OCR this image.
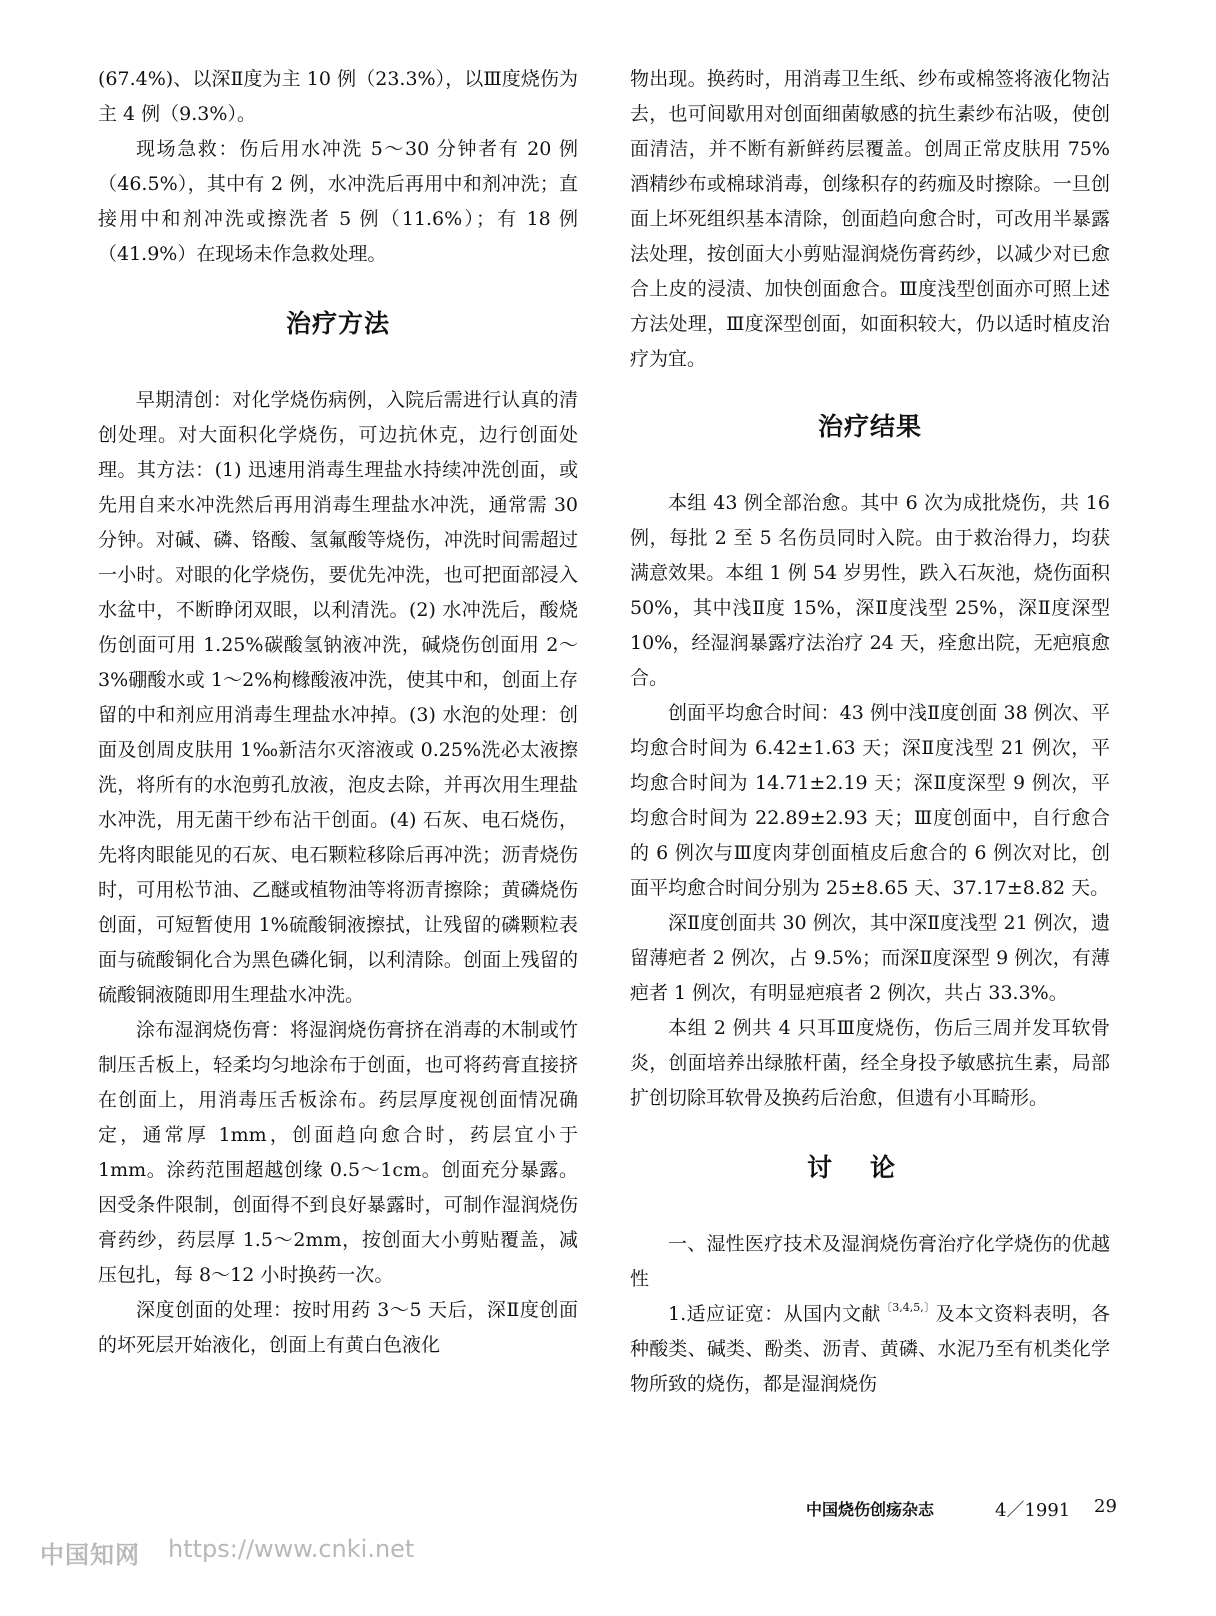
(67.4%)、以深Ⅱ度为主 10 例（23.3%），以Ⅲ度烧伤为主 4 例（9.3%）。

现场急救：伤后用水冲洗 5～30 分钟者有 20 例（46.5%），其中有 2 例，水冲洗后再用中和剂冲洗；直接用中和剂冲洗或擦洗者 5 例（11.6%）；有 18 例（41.9%）在现场未作急救处理。

治疗方法

早期清创：对化学烧伤病例，入院后需进行认真的清创处理。对大面积化学烧伤，可边抗休克，边行创面处理。其方法：(1) 迅速用消毒生理盐水持续冲洗创面，或先用自来水冲洗然后再用消毒生理盐水冲洗，通常需 30 分钟。对碱、磷、铬酸、氢氟酸等烧伤，冲洗时间需超过一小时。对眼的化学烧伤，要优先冲洗，也可把面部浸入水盆中，不断睁闭双眼，以利清洗。(2) 水冲洗后，酸烧伤创面可用 1.25%碳酸氢钠液冲洗，碱烧伤创面用 2～3%硼酸水或 1～2%枸橼酸液冲洗，使其中和，创面上存留的中和剂应用消毒生理盐水冲掉。(3) 水泡的处理：创面及创周皮肤用 1‰新洁尔灭溶液或 0.25%洗必太液擦洗，将所有的水泡剪孔放液，泡皮去除，并再次用生理盐水冲洗，用无菌干纱布沾干创面。(4) 石灰、电石烧伤，先将肉眼能见的石灰、电石颗粒移除后再冲洗；沥青烧伤时，可用松节油、乙醚或植物油等将沥青擦除；黄磷烧伤创面，可短暂使用 1%硫酸铜液擦拭，让残留的磷颗粒表面与硫酸铜化合为黑色磷化铜，以利清除。创面上残留的硫酸铜液随即用生理盐水冲洗。

涂布湿润烧伤膏：将湿润烧伤膏挤在消毒的木制或竹制压舌板上，轻柔均匀地涂布于创面，也可将药膏直接挤在创面上，用消毒压舌板涂布。药层厚度视创面情况确定，通常厚 1mm，创面趋向愈合时，药层宜小于 1mm。涂药范围超越创缘 0.5～1cm。创面充分暴露。因受条件限制，创面得不到良好暴露时，可制作湿润烧伤膏药纱，药层厚 1.5～2mm，按创面大小剪贴覆盖，减压包扎，每 8～12 小时换药一次。

深度创面的处理：按时用药 3～5 天后，深Ⅱ度创面的坏死层开始液化，创面上有黄白色液化

物出现。换药时，用消毒卫生纸、纱布或棉签将液化物沾去，也可间歇用对创面细菌敏感的抗生素纱布沾吸，使创面清洁，并不断有新鲜药层覆盖。创周正常皮肤用 75%酒精纱布或棉球消毒，创缘积存的药痂及时擦除。一旦创面上坏死组织基本清除，创面趋向愈合时，可改用半暴露法处理，按创面大小剪贴湿润烧伤膏药纱，以减少对已愈合上皮的浸渍、加快创面愈合。Ⅲ度浅型创面亦可照上述方法处理，Ⅲ度深型创面，如面积较大，仍以适时植皮治疗为宜。

治疗结果

本组 43 例全部治愈。其中 6 次为成批烧伤，共 16 例，每批 2 至 5 名伤员同时入院。由于救治得力，均获满意效果。本组 1 例 54 岁男性，跌入石灰池，烧伤面积 50%，其中浅Ⅱ度 15%，深Ⅱ度浅型 25%，深Ⅱ度深型 10%，经湿润暴露疗法治疗 24 天，痊愈出院，无疤痕愈合。

创面平均愈合时间：43 例中浅Ⅱ度创面 38 例次、平均愈合时间为 6.42±1.63 天；深Ⅱ度浅型 21 例次，平均愈合时间为 14.71±2.19 天；深Ⅱ度深型 9 例次，平均愈合时间为 22.89±2.93 天；Ⅲ度创面中，自行愈合的 6 例次与Ⅲ度肉芽创面植皮后愈合的 6 例次对比，创面平均愈合时间分别为 25±8.65 天、37.17±8.82 天。

深Ⅱ度创面共 30 例次，其中深Ⅱ度浅型 21 例次，遗留薄疤者 2 例次，占 9.5%；而深Ⅱ度深型 9 例次，有薄疤者 1 例次，有明显疤痕者 2 例次，共占 33.3%。

本组 2 例共 4 只耳Ⅲ度烧伤，伤后三周并发耳软骨炎，创面培养出绿脓杆菌，经全身投予敏感抗生素，局部扩创切除耳软骨及换药后治愈，但遗有小耳畸形。

讨论

一、湿性医疗技术及湿润烧伤膏治疗化学烧伤的优越性

1.适应证宽：从国内文献$^{〔3,4,5,〕}$及本文资料表明，各种酸类、碱类、酚类、沥青、黄磷、水泥乃至有机类化学物所致的烧伤，都是湿润烧伤

中国烧伤创疡杂志	4／1991 29
中国知网 https://www.cnki.net
